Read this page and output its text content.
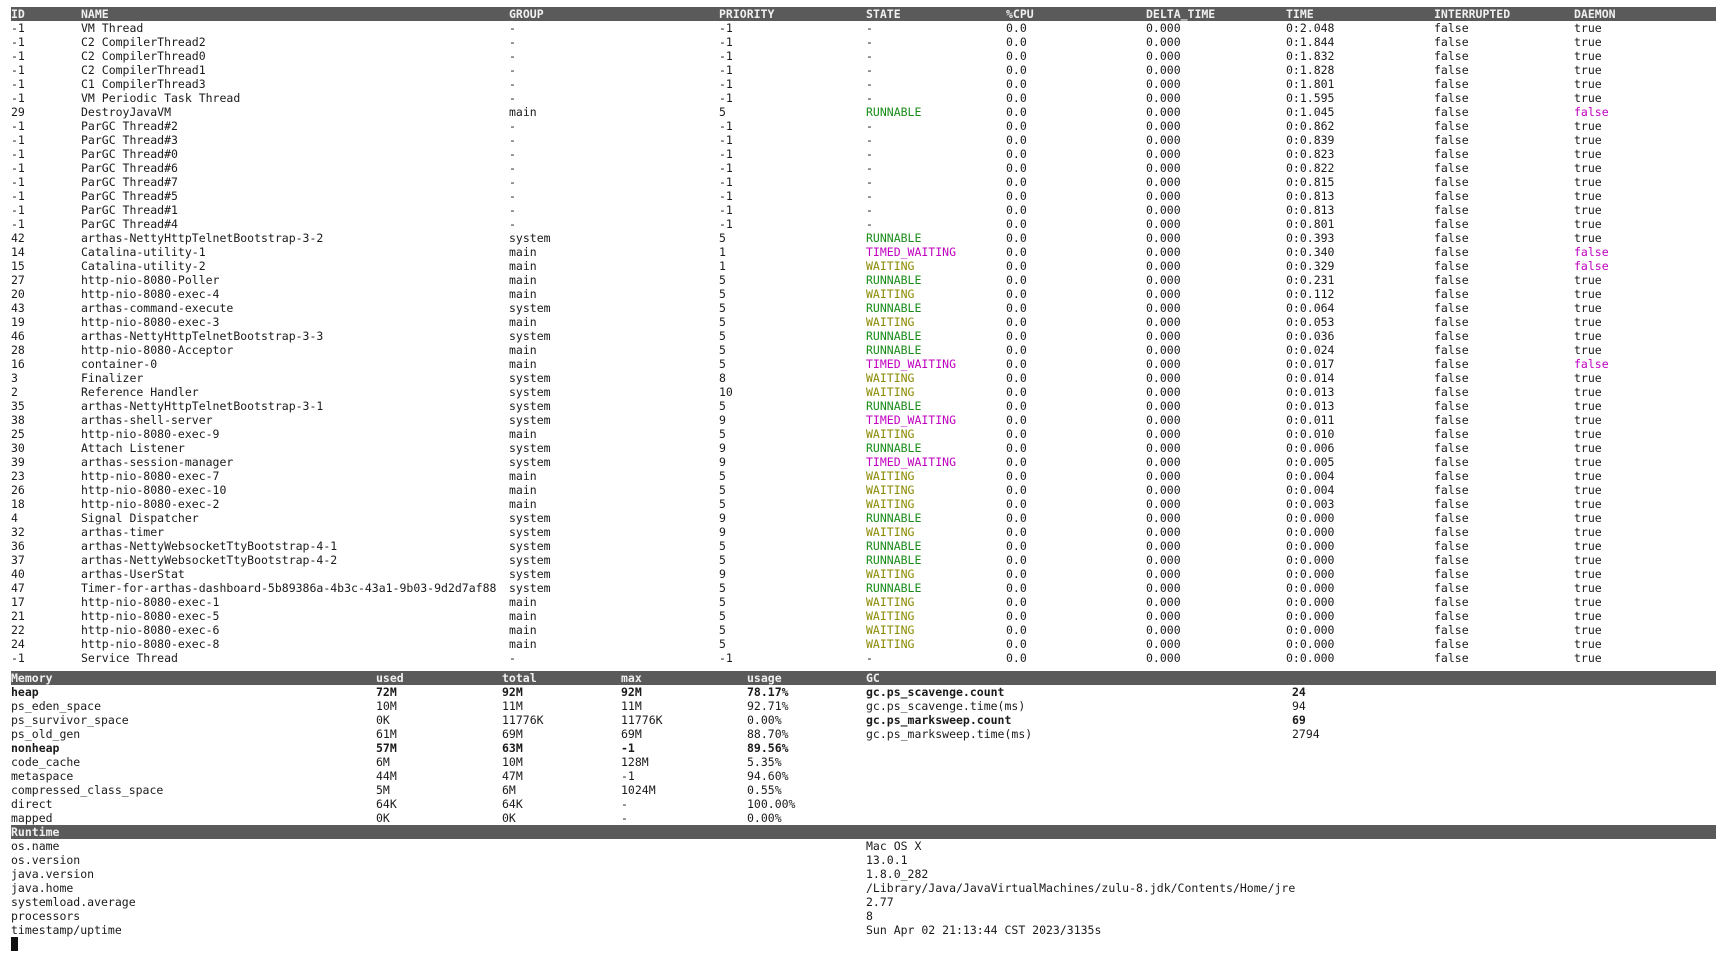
ID	NAME	GROUP	PRIORITY	STATE	%CPU	DELTA_TIME	TIME	INTERRUPTED	DAEMON
-1	VM Thread	-	-1	-	0.0	0.000	0:2.048	false	true
-1	C2 CompilerThread2	-	-1	-	0.0	0.000	0:1.844	false	true
-1	C2 CompilerThread0	-	-1	-	0.0	0.000	0:1.832	false	true
-1	C2 CompilerThread1	-	-1	-	0.0	0.000	0:1.828	false	true
-1	C1 CompilerThread3	-	-1	-	0.0	0.000	0:1.801	false	true
-1	VM Periodic Task Thread	-	-1	-	0.0	0.000	0:1.595	false	true
29	DestroyJavaVM	main	5	RUNNABLE	0.0	0.000	0:1.045	false	false
-1	ParGC Thread#2	-	-1	-	0.0	0.000	0:0.862	false	true
-1	ParGC Thread#3	-	-1	-	0.0	0.000	0:0.839	false	true
-1	ParGC Thread#0	-	-1	-	0.0	0.000	0:0.823	false	true
-1	ParGC Thread#6	-	-1	-	0.0	0.000	0:0.822	false	true
-1	ParGC Thread#7	-	-1	-	0.0	0.000	0:0.815	false	true
-1	ParGC Thread#5	-	-1	-	0.0	0.000	0:0.813	false	true
-1	ParGC Thread#1	-	-1	-	0.0	0.000	0:0.813	false	true
-1	ParGC Thread#4	-	-1	-	0.0	0.000	0:0.801	false	true
42	arthas-NettyHttpTelnetBootstrap-3-2	system	5	RUNNABLE	0.0	0.000	0:0.393	false	true
14	Catalina-utility-1	main	1	TIMED_WAITING	0.0	0.000	0:0.340	false	false
15	Catalina-utility-2	main	1	WAITING	0.0	0.000	0:0.329	false	false
27	http-nio-8080-Poller	main	5	RUNNABLE	0.0	0.000	0:0.231	false	true
20	http-nio-8080-exec-4	main	5	WAITING	0.0	0.000	0:0.112	false	true
43	arthas-command-execute	system	5	RUNNABLE	0.0	0.000	0:0.064	false	true
19	http-nio-8080-exec-3	main	5	WAITING	0.0	0.000	0:0.053	false	true
46	arthas-NettyHttpTelnetBootstrap-3-3	system	5	RUNNABLE	0.0	0.000	0:0.036	false	true
28	http-nio-8080-Acceptor	main	5	RUNNABLE	0.0	0.000	0:0.024	false	true
16	container-0	main	5	TIMED_WAITING	0.0	0.000	0:0.017	false	false
3	Finalizer	system	8	WAITING	0.0	0.000	0:0.014	false	true
2	Reference Handler	system	10	WAITING	0.0	0.000	0:0.013	false	true
35	arthas-NettyHttpTelnetBootstrap-3-1	system	5	RUNNABLE	0.0	0.000	0:0.013	false	true
38	arthas-shell-server	system	9	TIMED_WAITING	0.0	0.000	0:0.011	false	true
25	http-nio-8080-exec-9	main	5	WAITING	0.0	0.000	0:0.010	false	true
30	Attach Listener	system	9	RUNNABLE	0.0	0.000	0:0.006	false	true
39	arthas-session-manager	system	9	TIMED_WAITING	0.0	0.000	0:0.005	false	true
23	http-nio-8080-exec-7	main	5	WAITING	0.0	0.000	0:0.004	false	true
26	http-nio-8080-exec-10	main	5	WAITING	0.0	0.000	0:0.004	false	true
18	http-nio-8080-exec-2	main	5	WAITING	0.0	0.000	0:0.003	false	true
4	Signal Dispatcher	system	9	RUNNABLE	0.0	0.000	0:0.000	false	true
32	arthas-timer	system	9	WAITING	0.0	0.000	0:0.000	false	true
36	arthas-NettyWebsocketTtyBootstrap-4-1	system	5	RUNNABLE	0.0	0.000	0:0.000	false	true
37	arthas-NettyWebsocketTtyBootstrap-4-2	system	5	RUNNABLE	0.0	0.000	0:0.000	false	true
40	arthas-UserStat	system	9	WAITING	0.0	0.000	0:0.000	false	true
47	Timer-for-arthas-dashboard-5b89386a-4b3c-43a1-9b03-9d2d7af88 system	5	RUNNABLE	0.0	0.000	0:0.000	false	true
17	http-nio-8080-exec-1	main	5	WAITING	0.0	0.000	0:0.000	false	true
21	http-nio-8080-exec-5	main	5	WAITING	0.0	0.000	0:0.000	false	true
22	http-nio-8080-exec-6	main	5	WAITING	0.0	0.000	0:0.000	false	true
24	http-nio-8080-exec-8	main	5	WAITING	0.0	0.000	0:0.000	false	true
-1	Service Thread	-	-1	-	0.0	0.000	0:0.000	false	true
Memory	used	total	max	usage	GC
heap	72M	92M	92M	78.17%	gc.ps_scavenge.count	24
ps_eden_space	10M	11M	11M	92.71%	gc.ps_scavenge.time(ms)	94
ps_survivor_space	0K	11776K	11776K	0.00%	gc.ps_marksweep.count	69
ps_old_gen	61M	69M	69M	88.70%	gc.ps_marksweep.time(ms)	2794
nonheap	57M	63M	-1	89.56%
code_cache	6M	10M	128M	5.35%
metaspace	44M	47M	-1	94.60%
compressed_class_space	5M	6M	1024M	0.55%
direct	64K	64K	-	100.00%
mapped	0K	0K	-	0.00%

Runtime

os.name	Mac OS X
os.version	13.0.1
java.version	1.8.0_282
java.home	/Library/Java/JavaVirtualMachines/zulu-8.jdk/Contents/Home/jre
systemload.average	2.77
processors	8
timestamp/uptime	Sun Apr 02 21:13:44 CST 2023/3135s
